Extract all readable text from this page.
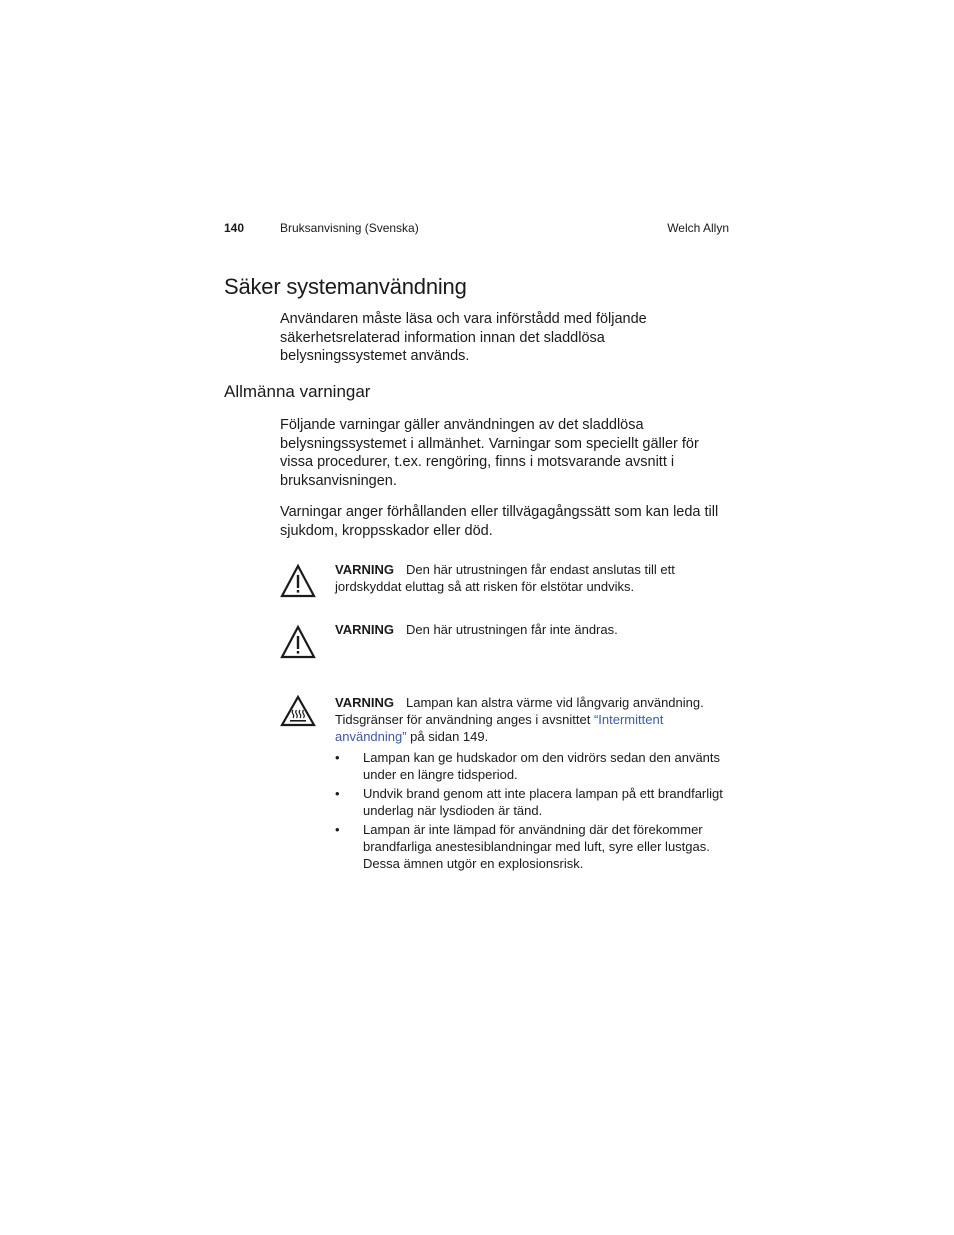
140	Bruksanvisning (Svenska)	Welch Allyn
Säker systemanvändning

Användaren måste läsa och vara införstådd med följande säkerhetsrelaterad information innan det sladdlösa belysningssystemet används.

Allmänna varningar

Följande varningar gäller användningen av det sladdlösa belysningssystemet i allmänhet. Varningar som speciellt gäller för vissa procedurer, t.ex. rengöring, finns i motsvarande avsnitt i bruksanvisningen.

Varningar anger förhållanden eller tillvägagångssätt som kan leda till sjukdom, kroppsskador eller död.

VARNING Den här utrustningen får endast anslutas till ett jordskyddat eluttag så att risken för elstötar undviks.

VARNING Den här utrustningen får inte ändras.

VARNING Lampan kan alstra värme vid långvarig användning. Tidsgränser för användning anges i avsnittet “Intermittent användning” på sidan 149.

• Lampan kan ge hudskador om den vidrörs sedan den använts under en längre tidsperiod.
• Undvik brand genom att inte placera lampan på ett brandfarligt underlag när lysdioden är tänd.
• Lampan är inte lämpad för användning där det förekommer brandfarliga anestesiblandningar med luft, syre eller lustgas. Dessa ämnen utgör en explosionsrisk.
